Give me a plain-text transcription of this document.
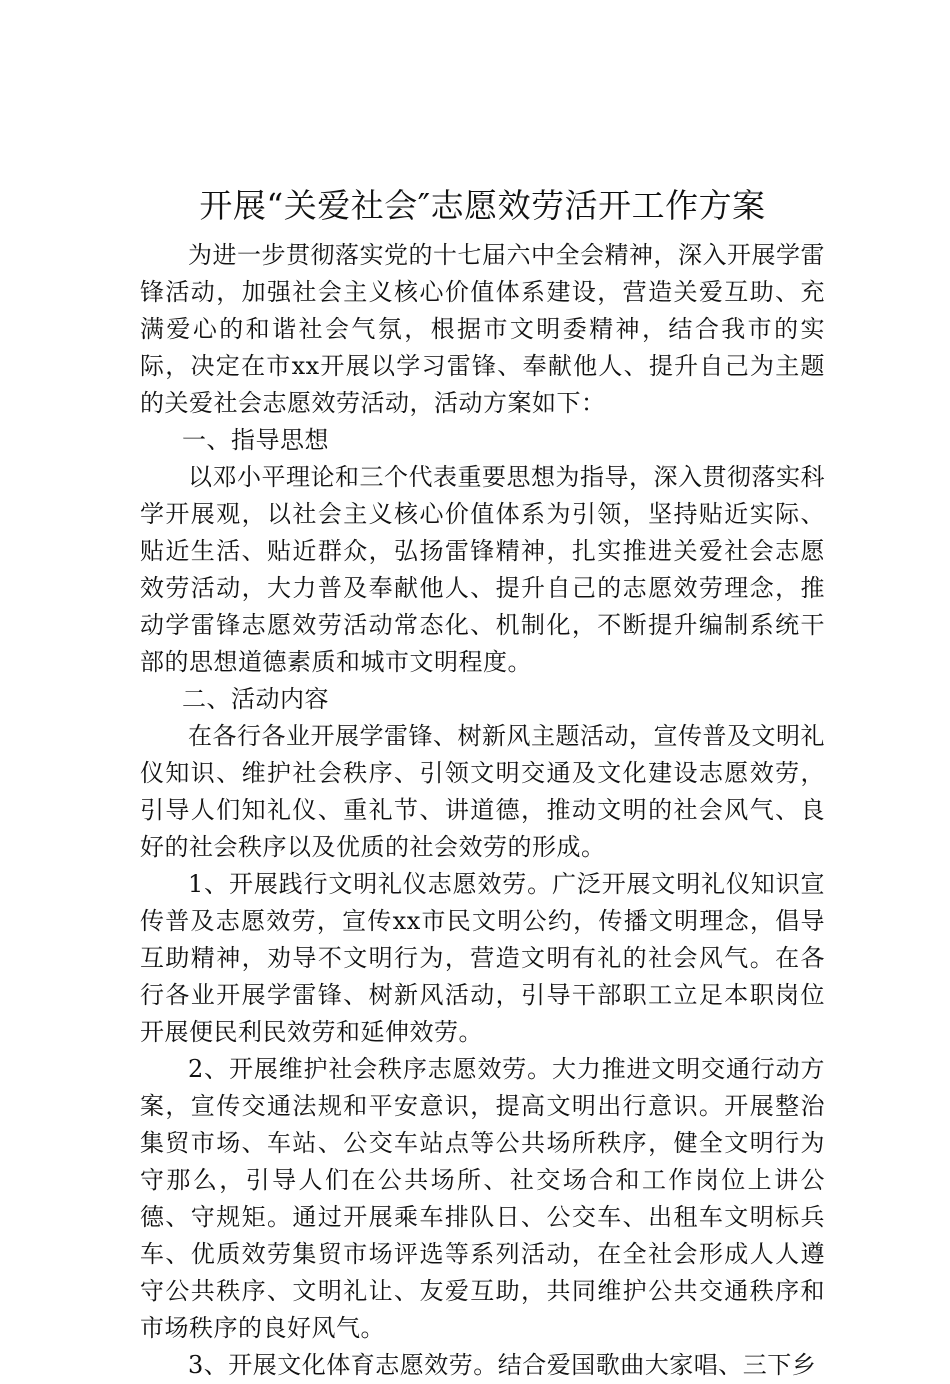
开展“关爱社会″志愿效劳活开工作方案

为进一步贯彻落实党的十七届六中全会精神，深入开展学雷锋活动，加强社会主义核心价值体系建设，营造关爱互助、充满爱心的和谐社会气氛，根据市文明委精神，结合我市的实际，决定在市xx开展以学习雷锋、奉献他人、提升自己为主题的关爱社会志愿效劳活动，活动方案如下：

一、指导思想

以邓小平理论和三个代表重要思想为指导，深入贯彻落实科学开展观，以社会主义核心价值体系为引领，坚持贴近实际、贴近生活、贴近群众，弘扬雷锋精神，扎实推进关爱社会志愿效劳活动，大力普及奉献他人、提升自己的志愿效劳理念，推动学雷锋志愿效劳活动常态化、机制化，不断提升编制系统干部的思想道德素质和城市文明程度。

二、活动内容

在各行各业开展学雷锋、树新风主题活动，宣传普及文明礼仪知识、维护社会秩序、引领文明交通及文化建设志愿效劳，引导人们知礼仪、重礼节、讲道德，推动文明的社会风气、良好的社会秩序以及优质的社会效劳的形成。

1、开展践行文明礼仪志愿效劳。广泛开展文明礼仪知识宣传普及志愿效劳，宣传xx市民文明公约，传播文明理念，倡导互助精神，劝导不文明行为，营造文明有礼的社会风气。在各行各业开展学雷锋、树新风活动，引导干部职工立足本职岗位开展便民利民效劳和延伸效劳。

2、开展维护社会秩序志愿效劳。大力推进文明交通行动方案，宣传交通法规和平安意识，提高文明出行意识。开展整治集贸市场、车站、公交车站点等公共场所秩序，健全文明行为守那么，引导人们在公共场所、社交场合和工作岗位上讲公德、守规矩。通过开展乘车排队日、公交车、出租车文明标兵车、优质效劳集贸市场评选等系列活动，在全社会形成人人遵守公共秩序、文明礼让、友爱互助，共同维护公共交通秩序和市场秩序的良好风气。

3、开展文化体育志愿效劳。结合爱国歌曲大家唱、三下乡
